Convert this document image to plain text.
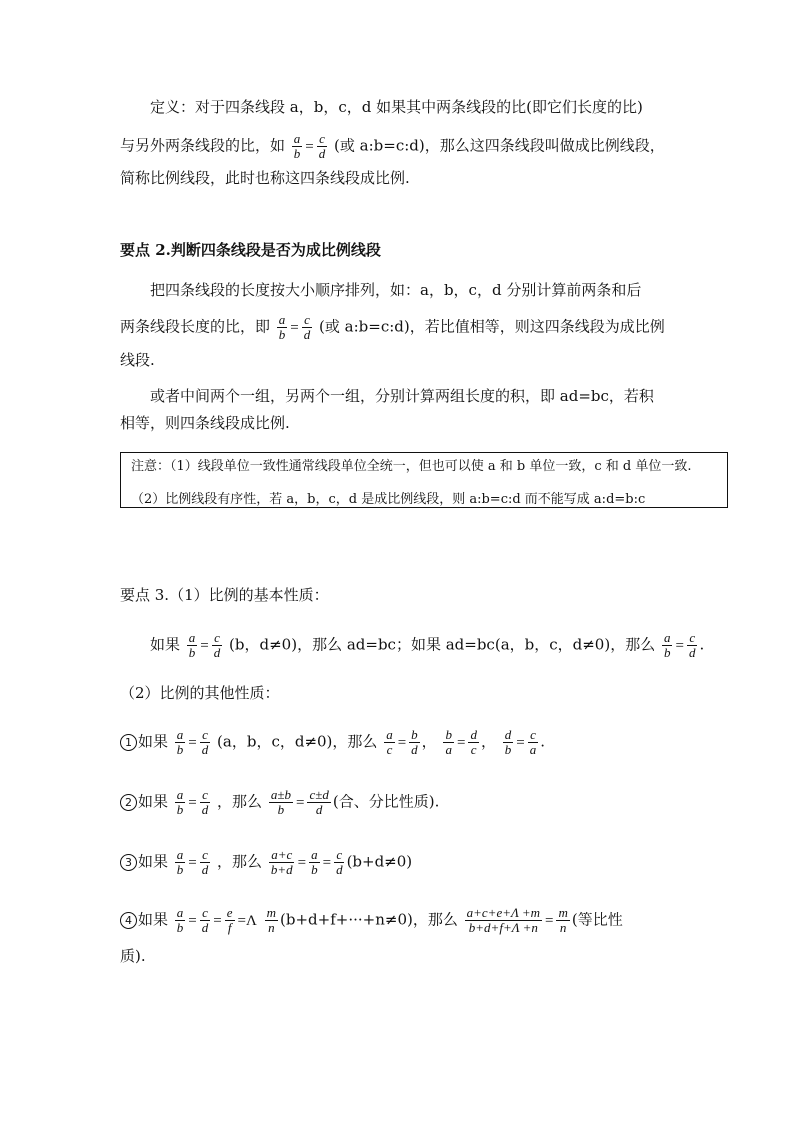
定义：对于四条线段 a，b，c，d 如果其中两条线段的比(即它们长度的比)
与另外两条线段的比，如 $\frac{a}{b} = \frac{c}{d}$ (或 a:b=c:d)，那么这四条线段叫做成比例线段，
简称比例线段，此时也称这四条线段成比例.
要点 2.判断四条线段是否为成比例线段
把四条线段的长度按大小顺序排列，如：a，b，c，d 分别计算前两条和后
两条线段长度的比，即 $\frac{a}{b} = \frac{c}{d}$ (或 a:b=c:d)，若比值相等，则这四条线段为成比例
线段.
或者中间两个一组，另两个一组，分别计算两组长度的积，即 ad=bc，若积
相等，则四条线段成比例.
注意：（1）线段单位一致性通常线段单位全统一，但也可以使 a 和 b 单位一致，c 和 d 单位一致.
（2）比例线段有序性，若 a，b，c，d 是成比例线段，则 a:b=c:d 而不能写成 a:d=b:c
要点 3.（1）比例的基本性质：
如果 $\frac{a}{b} = \frac{c}{d} (b$，d≠0)，那么 ad=bc；如果 ad=bc(a，b，c，d≠0)，那么 $\frac{a}{b} = \frac{c}{d}$ .
（2）比例的其他性质：
1 如果 $\frac{a}{b} = \frac{c}{d} (a$，b，c，d≠0)，那么 $\frac{a}{c} = \frac{b}{d}$ ， $\frac{b}{a} = \frac{d}{c}$ ， $\frac{d}{b} = \frac{c}{a}$ .
2 如果 $\frac{a}{b} = \frac{c}{d}$ ，那么 $\frac{a\pm b}{b} = \frac{c\pm d}{d}$ (合、分比性质).
3 如果 $\frac{a}{b} = \frac{c}{d}$ ，那么 $\frac{a+c}{b+d} = \frac{a}{b} = \frac{c}{d} (b+d\ne 0)$
4 如果 $\frac{a}{b} = \frac{c}{d} = \frac{e}{f} =\Lambda \frac{m}{n} (b+d+f+\cdot\cdot\cdot+n\ne 0)$，那么 $\frac{a+c+e+\Lambda +m}{b+d+f+\Lambda +n} = \frac{m}{n}$ (等比性
质).
